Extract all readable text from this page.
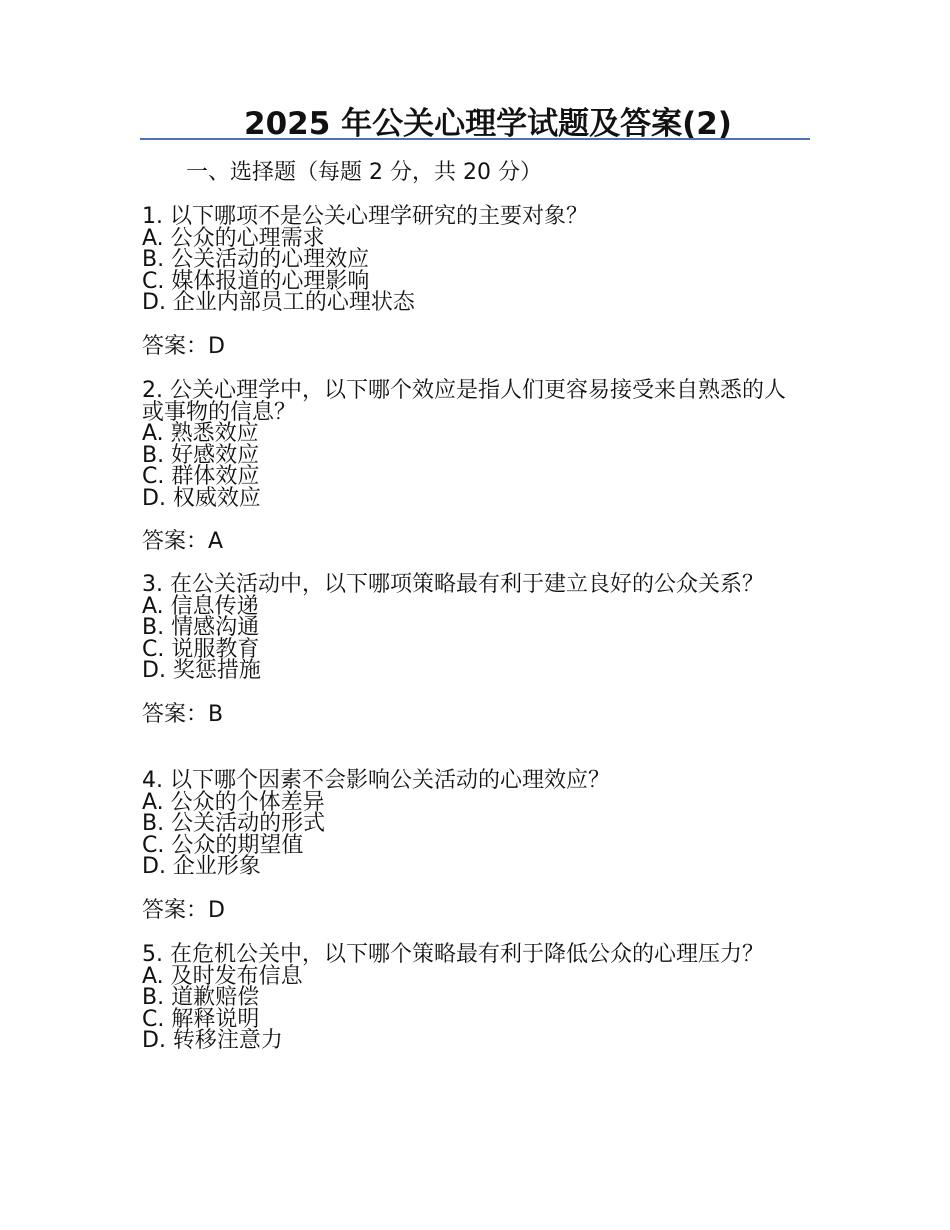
2025 年公关心理学试题及答案(2)
一、选择题（每题 2 分，共 20 分）

1. 以下哪项不是公关心理学研究的主要对象？

A. 公众的心理需求

B. 公关活动的心理效应

C. 媒体报道的心理影响

D. 企业内部员工的心理状态

答案：D

2. 公关心理学中，以下哪个效应是指人们更容易接受来自熟悉的人或事物的信息？

A. 熟悉效应

B. 好感效应

C. 群体效应

D. 权威效应

答案：A

3. 在公关活动中，以下哪项策略最有利于建立良好的公众关系？

A. 信息传递

B. 情感沟通

C. 说服教育

D. 奖惩措施

答案：B

4. 以下哪个因素不会影响公关活动的心理效应？

A. 公众的个体差异

B. 公关活动的形式

C. 公众的期望值

D. 企业形象

答案：D

5. 在危机公关中，以下哪个策略最有利于降低公众的心理压力？

A. 及时发布信息

B. 道歉赔偿

C. 解释说明

D. 转移注意力
